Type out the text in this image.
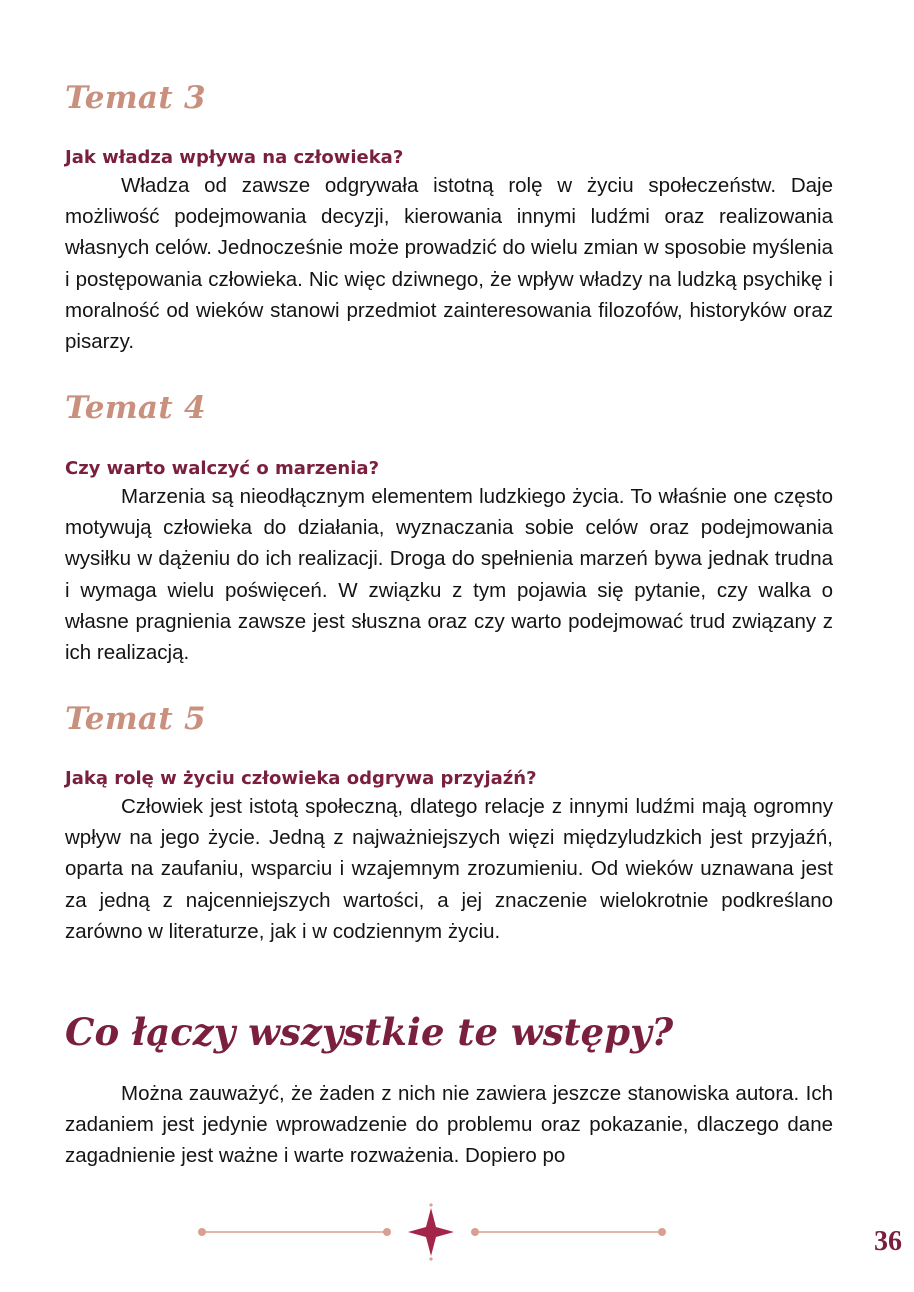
Temat 3

Jak władza wpływa na człowieka?

Władza od zawsze odgrywała istotną rolę w życiu społeczeństw. Daje możliwość podejmowania decyzji, kierowania innymi ludźmi oraz realizowania własnych celów. Jednocześnie może prowadzić do wielu zmian w sposobie myślenia i postępowania człowieka. Nic więc dziwnego, że wpływ władzy na ludzką psychikę i moralność od wieków stanowi przedmiot zainteresowania filozofów, historyków oraz pisarzy.

Temat 4

Czy warto walczyć o marzenia?

Marzenia są nieodłącznym elementem ludzkiego życia. To właśnie one często motywują człowieka do działania, wyznaczania sobie celów oraz podejmowania wysiłku w dążeniu do ich realizacji. Droga do spełnienia marzeń bywa jednak trudna i wymaga wielu poświęceń. W związku z tym pojawia się pytanie, czy walka o własne pragnienia zawsze jest słuszna oraz czy warto podejmować trud związany z ich realizacją.

Temat 5

Jaką rolę w życiu człowieka odgrywa przyjaźń?

Człowiek jest istotą społeczną, dlatego relacje z innymi ludźmi mają ogromny wpływ na jego życie. Jedną z najważniejszych więzi międzyludzkich jest przyjaźń, oparta na zaufaniu, wsparciu i wzajemnym zrozumieniu. Od wieków uznawana jest za jedną z najcenniejszych wartości, a jej znaczenie wielokrotnie podkreślano zarówno w literaturze, jak i w codziennym życiu.

Co łączy wszystkie te wstępy?

Można zauważyć, że żaden z nich nie zawiera jeszcze stanowiska autora. Ich zadaniem jest jedynie wprowadzenie do problemu oraz pokazanie, dlaczego dane zagadnienie jest ważne i warte rozważenia. Dopiero po

36
